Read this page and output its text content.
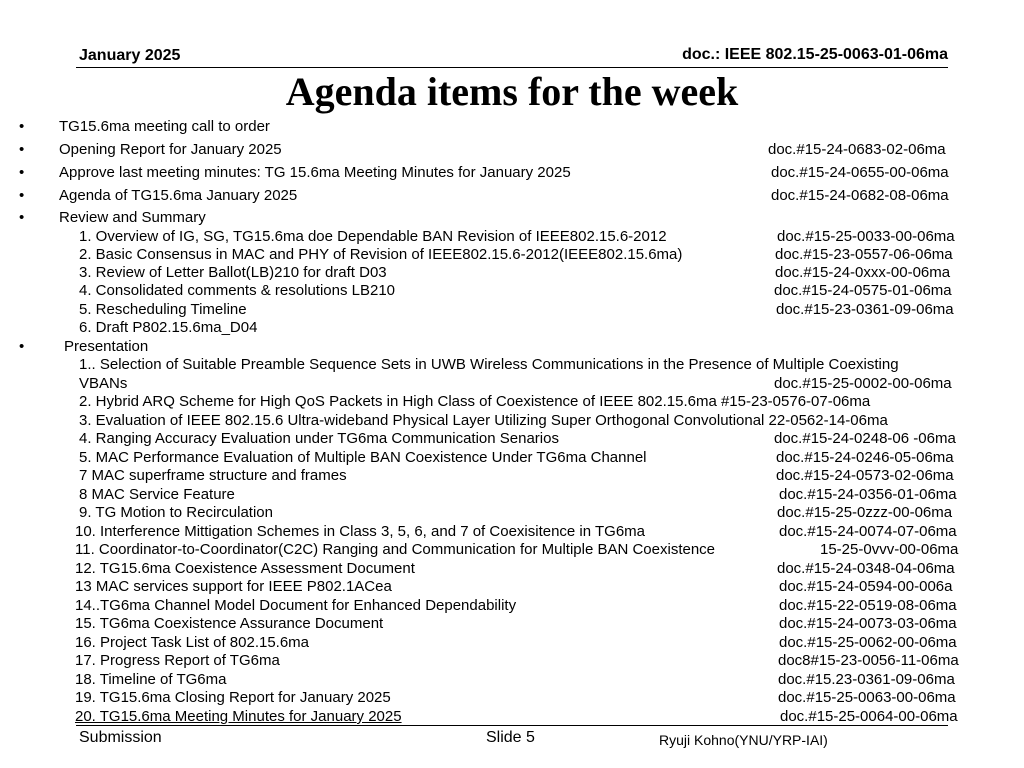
January 2025	doc.: IEEE 802.15-25-0063-01-06ma
Agenda items for the week
• TG15.6ma meeting call to order
• Opening Report for January 2025	doc.#15-24-0683-02-06ma
• Approve last meeting minutes: TG 15.6ma Meeting Minutes for January 2025	doc.#15-24-0655-00-06ma
• Agenda of TG15.6ma January 2025	doc.#15-24-0682-08-06ma
• Review and Summary
1. Overview of IG, SG, TG15.6ma doe Dependable BAN Revision of IEEE802.15.6-2012	doc.#15-25-0033-00-06ma
2. Basic Consensus in MAC and PHY of Revision of IEEE802.15.6-2012(IEEE802.15.6ma)	doc.#15-23-0557-06-06ma
3. Review of Letter Ballot(LB)210 for draft D03	doc.#15-24-0xxx-00-06ma
4. Consolidated comments & resolutions LB210	doc.#15-24-0575-01-06ma
5. Rescheduling Timeline	doc.#15-23-0361-09-06ma
6. Draft P802.15.6ma_D04
•	Presentation
1.. Selection of Suitable Preamble Sequence Sets in UWB Wireless Communications in the Presence of Multiple Coexisting
VBANs	doc.#15-25-0002-00-06ma
2. Hybrid ARQ Scheme for High QoS Packets in High Class of Coexistence of IEEE 802.15.6ma #15-23-0576-07-06ma
3. Evaluation of IEEE 802.15.6 Ultra-wideband Physical Layer Utilizing Super Orthogonal Convolutional 22-0562-14-06ma
4. Ranging Accuracy Evaluation under TG6ma Communication Senarios	doc.#15-24-0248-06 -06ma
5. MAC Performance Evaluation of Multiple BAN Coexistence Under TG6ma Channel	doc.#15-24-0246-05-06ma
7 MAC superframe structure and frames	doc.#15-24-0573-02-06ma
8 MAC Service Feature	doc.#15-24-0356-01-06ma
9. TG Motion to Recirculation	doc.#15-25-0zzz-00-06ma
10. Interference Mittigation Schemes in Class 3, 5, 6, and 7 of Coexisitence in TG6ma	doc.#15-24-0074-07-06ma
11. Coordinator-to-Coordinator(C2C) Ranging and Communication for Multiple BAN Coexistence	15-25-0vvv-00-06ma
12. TG15.6ma Coexistence Assessment Document	doc.#15-24-0348-04-06ma
13 MAC services support for IEEE P802.1ACea	doc.#15-24-0594-00-006a
14..TG6ma Channel Model Document for Enhanced Dependability	doc.#15-22-0519-08-06ma
15. TG6ma Coexistence Assurance Document	doc.#15-24-0073-03-06ma
16. Project Task List of 802.15.6ma	doc.#15-25-0062-00-06ma
17. Progress Report of TG6ma	doc8#15-23-0056-11-06ma
18. Timeline of TG6ma	doc.#15.23-0361-09-06ma
19. TG15.6ma Closing Report for January 2025	doc.#15-25-0063-00-06ma
20. TG15.6ma Meeting Minutes for January 2025	doc.#15-25-0064-00-06ma
Submission	Slide 5	Ryuji Kohno(YNU/YRP-IAI)
